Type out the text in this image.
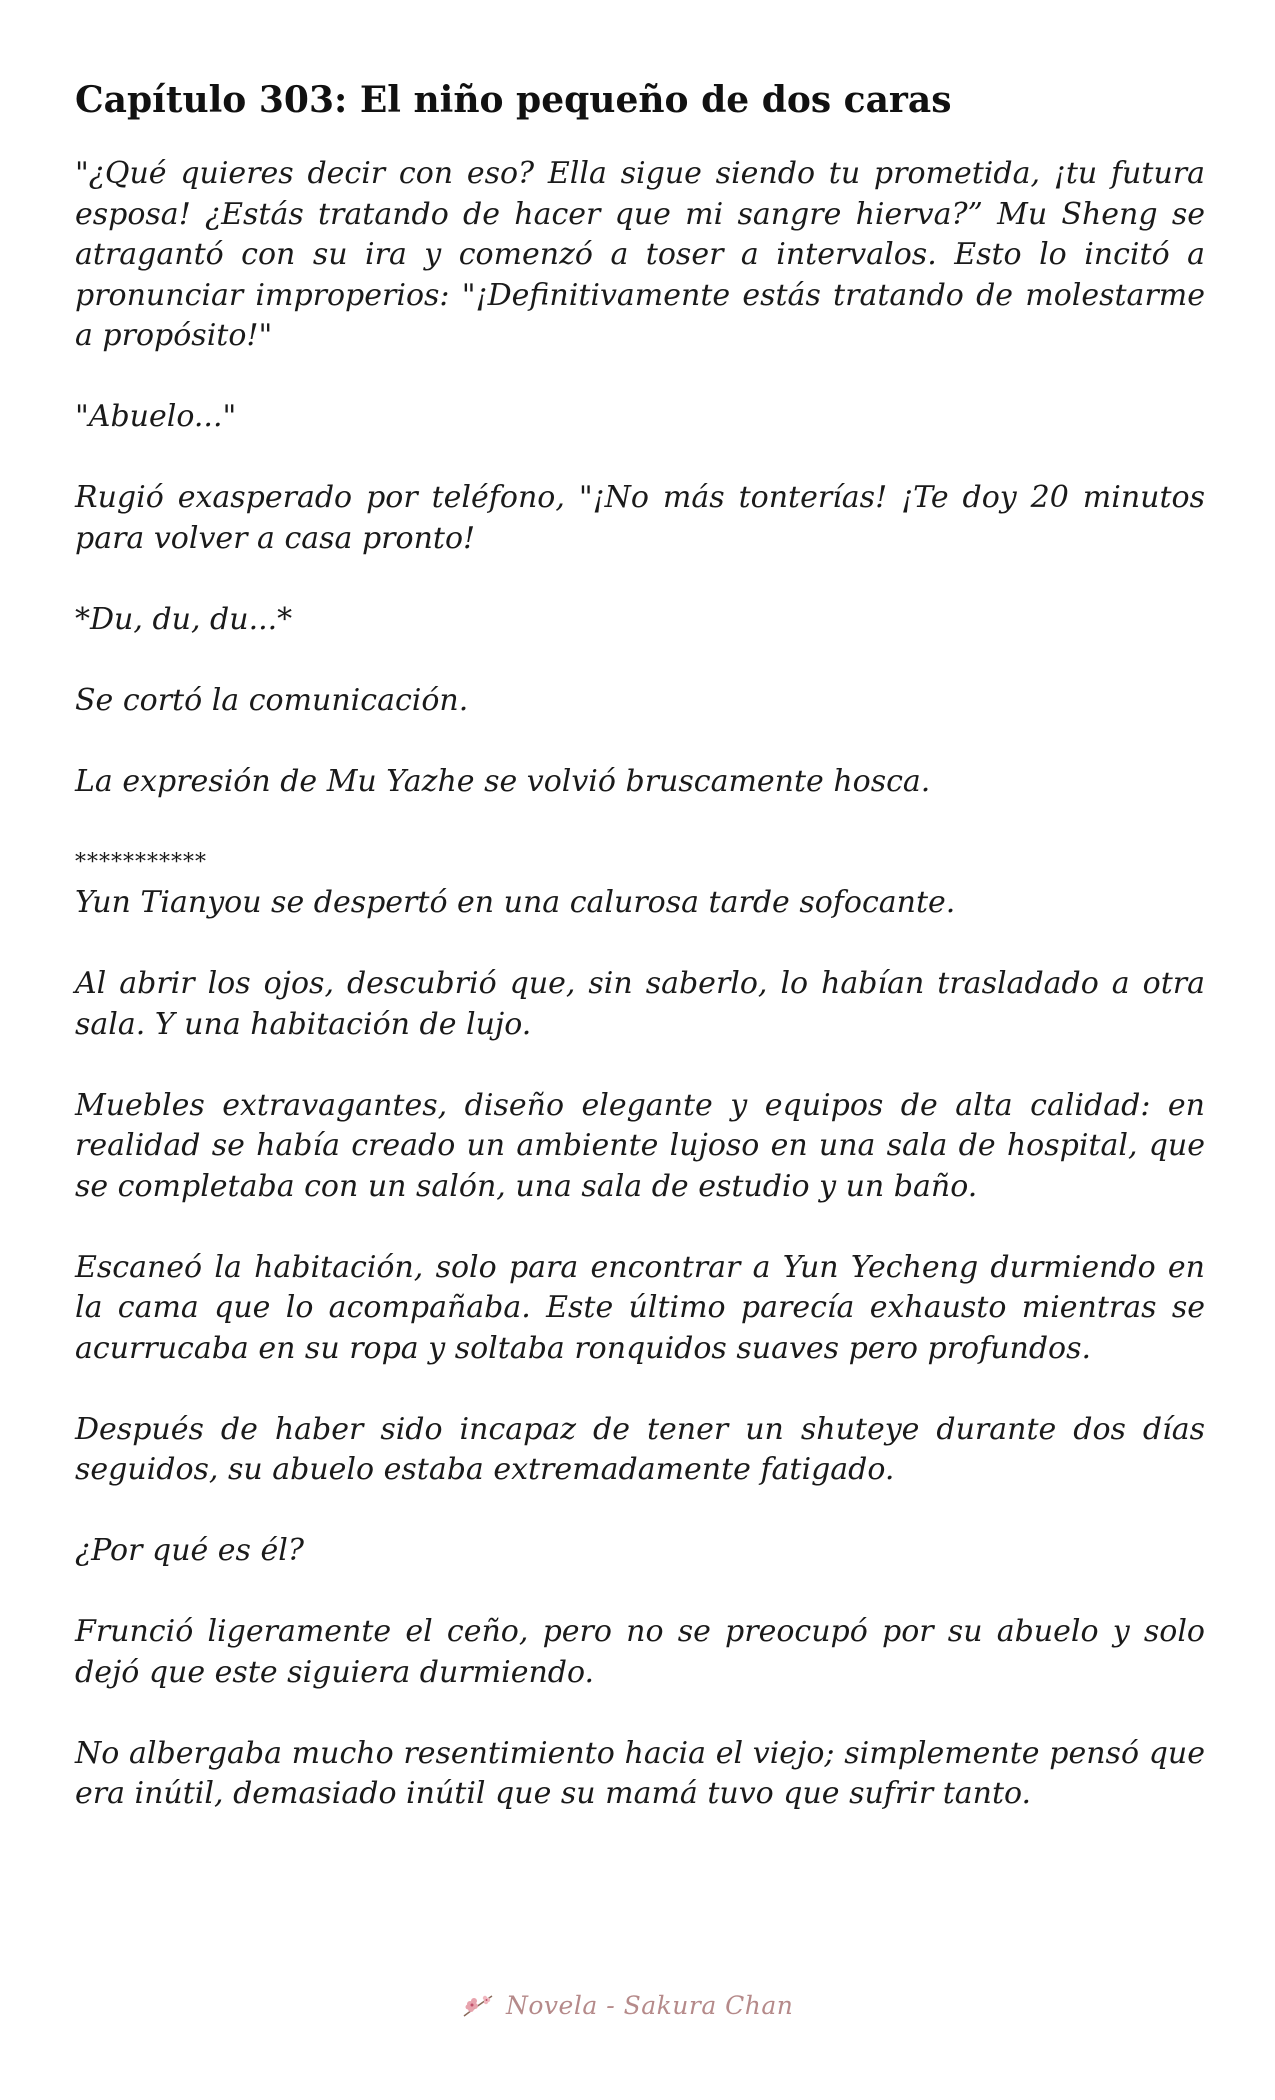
Capítulo 303: El niño pequeño de dos caras

"¿Qué quieres decir con eso? Ella sigue siendo tu prometida, ¡tu futura esposa! ¿Estás tratando de hacer que mi sangre hierva?” Mu Sheng se atragantó con su ira y comenzó a toser a intervalos. Esto lo incitó a pronunciar improperios: "¡Definitivamente estás tratando de molestarme a propósito!"

"Abuelo..."

Rugió exasperado por teléfono, "¡No más tonterías! ¡Te doy 20 minutos para volver a casa pronto!

*Du, du, du...*

Se cortó la comunicación.

La expresión de Mu Yazhe se volvió bruscamente hosca.

***********

Yun Tianyou se despertó en una calurosa tarde sofocante.

Al abrir los ojos, descubrió que, sin saberlo, lo habían trasladado a otra sala. Y una habitación de lujo.

Muebles extravagantes, diseño elegante y equipos de alta calidad: en realidad se había creado un ambiente lujoso en una sala de hospital, que se completaba con un salón, una sala de estudio y un baño.

Escaneó la habitación, solo para encontrar a Yun Yecheng durmiendo en la cama que lo acompañaba. Este último parecía exhausto mientras se acurrucaba en su ropa y soltaba ronquidos suaves pero profundos.

Después de haber sido incapaz de tener un shuteye durante dos días seguidos, su abuelo estaba extremadamente fatigado.

¿Por qué es él?

Frunció ligeramente el ceño, pero no se preocupó por su abuelo y solo dejó que este siguiera durmiendo.

No albergaba mucho resentimiento hacia el viejo; simplemente pensó que era inútil, demasiado inútil que su mamá tuvo que sufrir tanto.

Novela - Sakura Chan
